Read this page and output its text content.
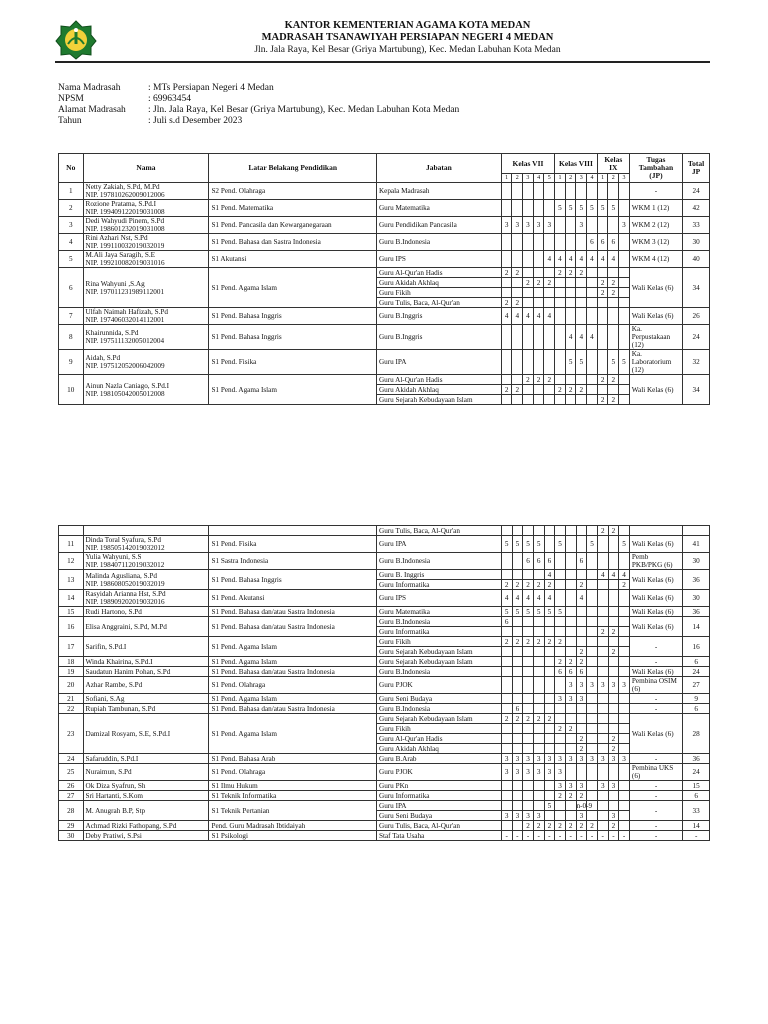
KANTOR KEMENTERIAN AGAMA KOTA MEDAN
MADRASAH TSANAWIYAH PERSIAPAN NEGERI 4 MEDAN
Jln. Jala Raya, Kel Besar (Griya Martubung), Kec. Medan Labuhan Kota Medan
Nama Madrasah	: MTs Persiapan Negeri 4 Medan
NPSM	: 69963454
Alamat Madrasah	: Jln. Jala Raya, Kel Besar (Griya Martubung), Kec. Medan Labuhan Kota Medan
Tahun	: Juli s.d Desember 2023
No	Nama	Latar Belakang Pendidikan	Jabatan	Kelas VII					Kelas VIII				Kelas IX			Tugas Tambahan (JP)	Total JP
				1	2	3	4	5	1	2	3	4	1	2	3		
1	Netty Zakiah, S.Pd, M.Pd
NIP. 197810262009012006	S2 Pend. Olahraga	Kepala Madrasah													-	24
2	Rozione Pratama, S.Pd.I
NIP. 199409122019031008	S1 Pend. Matematika	Guru Matematika						5	5	5	5	5	5		WKM 1 (12)	42
3	Dedi Wahyudi Pinem, S.Pd
NIP. 198601232019031008	S1 Pend. Pancasila dan Kewarganegaraan	Guru Pendidikan Pancasila	3	3	3	3	3			3				3	WKM 2 (12)	33
4	Rini Azhari Nst, S.Pd
NIP. 199110032019032019	S1 Pend. Bahasa dan Sastra Indonesia	Guru B.Indonesia									6	6	6		WKM 3 (12)	30
5	M.Ali Jaya Saragih, S.E
NIP. 199210082019031016	S1 Akutansi	Guru IPS					4	4	4	4	4	4	4		WKM 4 (12)	40
6	Rina Wahyuni ,S.Ag
NIP. 197011231989112001	S1 Pend. Agama Islam	Guru Al-Qur'an Hadis	2	2				2	2	2					Wali Kelas (6)	34
			Guru Akidah Akhlaq			2	2	2					2	2			
			Guru Fikih										2	2			
			Guru Tulis, Baca, Al-Qur'an	2	2												
7	Ulfah Naimah Hafizah, S.Pd
NIP. 197406032014112001	S1 Pend. Bahasa Inggris	Guru B.Inggris	4	4	4	4	4								Wali Kelas (6)	26
8	Khairunnida, S.Pd
NIP. 197511132005012004	S1 Pend. Bahasa Inggris	Guru B.Inggris							4	4	4				Ka. Perpustakaan (12)	24
9	Aidah, S.Pd
NIP. 197512052006042009	S1 Pend. Fisika	Guru IPA							5	5			5	5	Ka. Laboratorium (12)	32
10	Ainun Nazla Caniago, S.Pd.I
NIP. 198105042005012008	S1 Pend. Agama Islam	Guru Al-Qur'an Hadis			2	2	2					2	2		Wali Kelas (6)	34
			Guru Akidah Akhlaq	2	2				2	2	2						
			Guru Sejarah Kebudayaan Islam										2	2			

		Guru Tulis, Baca, Al-Qur'an										2	2			
11	Dinda Toral Syafura, S.Pd
NIP. 198505142019032012	S1 Pend. Fisika	Guru IPA	5	5	5	5		5			5			5	Wali Kelas (6)	41
12	Yulia Wahyuni, S.S
NIP. 198407112019032012	S1 Sastra Indonesia	Guru B.Indonesia			6	6	6			6					Pemb PKB/PKG (6)	30
13	Malinda Agusliana, S.Pd
NIP. 198608052019032019	S1 Pend. Bahasa Inggris	Guru B. Inggris					4					4	4	4	Wali Kelas (6)	36
			Guru Informatika	2	2	2	2	2			2				2		
14	Rasyidah Arianna Hst, S.Pd
NIP. 198909202019032016	S1 Pend. Akutansi	Guru IPS	4	4	4	4	4			4					Wali Kelas (6)	30
15	Rudi Hartono, S.Pd	S1 Pend. Bahasa dan/atau Sastra Indonesia	Guru Matematika	5	5	5	5	5	5							Wali Kelas (6)	36
16	Elisa Anggraini, S.Pd, M.Pd	S1 Pend. Bahasa dan/atau Sastra Indonesia	Guru B.Indonesia	6												Wali Kelas (6)	14
			Guru Informatika										2	2			
17	Sarifin, S.Pd.I	S1 Pend. Agama Islam	Guru Fikih	2	2	2	2	2	2							-	16
			Guru Sejarah Kebudayaan Islam								2			2			
18	Winda Khairina, S.Pd.I	S1 Pend. Agama Islam	Guru Sejarah Kebudayaan Islam						2	2	2					-	6
19	Saudatun Hanim Pohan, S.Pd	S1 Pend. Bahasa dan/atau Sastra Indonesia	Guru B.Indonesia						6	6	6					Wali Kelas (6)	24
20	Azhar Rambe, S.Pd	S1 Pend. Olahraga	Guru PJOK							3	3	3	3	3	3	Pembina OSIM (6)	27
21	Sofiani, S.Ag	S1 Pend. Agama Islam	Guru Seni Budaya						3	3	3					-	9
22	Rupiah Tambunan, S.Pd	S1 Pend. Bahasa dan/atau Sastra Indonesia	Guru B.Indonesia		6											-	6
23	Damizal Rosyam, S.E, S.Pd.I	S1 Pend. Agama Islam	Guru Sejarah Kebudayaan Islam	2	2	2	2	2								Wali Kelas (6)	28
			Guru Fikih						2	2							
			Guru Al-Qur'an Hadis								2			2			
			Guru Akidah Akhlaq								2			2			
24	Safaruddin, S.Pd.I	S1 Pend. Bahasa Arab	Guru B.Arab	3	3	3	3	3	3	3	3	3	3	3	3	-	36
25	Nuraimun, S.Pd	S1 Pend. Olahraga	Guru PJOK	3	3	3	3	3	3							Pembina UKS (6)	24
26	Ok Diza Syafrun, Sh	S1 Ilmu Hukum	Guru PKn						3	3	3		3	3		-	15
27	Sri Hartanti, S.Kom	S1 Teknik Informatika	Guru Informatika						2	2	2					-	6
28	M. Anugrah B.P, Stp	S1 Teknik Pertanian	Guru IPA					5			n-0-9					-	33
			Guru Seni Budaya	3	3	3	3				3			3			
29	Achmad Rizki Fathopang, S.Pd	Pend. Guru Madrasah Ibtidaiyah	Guru Tulis, Baca, Al-Qur'an			2	2	2	2	2	2	2		2		-	14
30	Deby Pratiwi, S.Psi	S1 Psikologi	Staf Tata Usaha	-	-	-	-	-	-	-	-	-	-	-	-	-	-
